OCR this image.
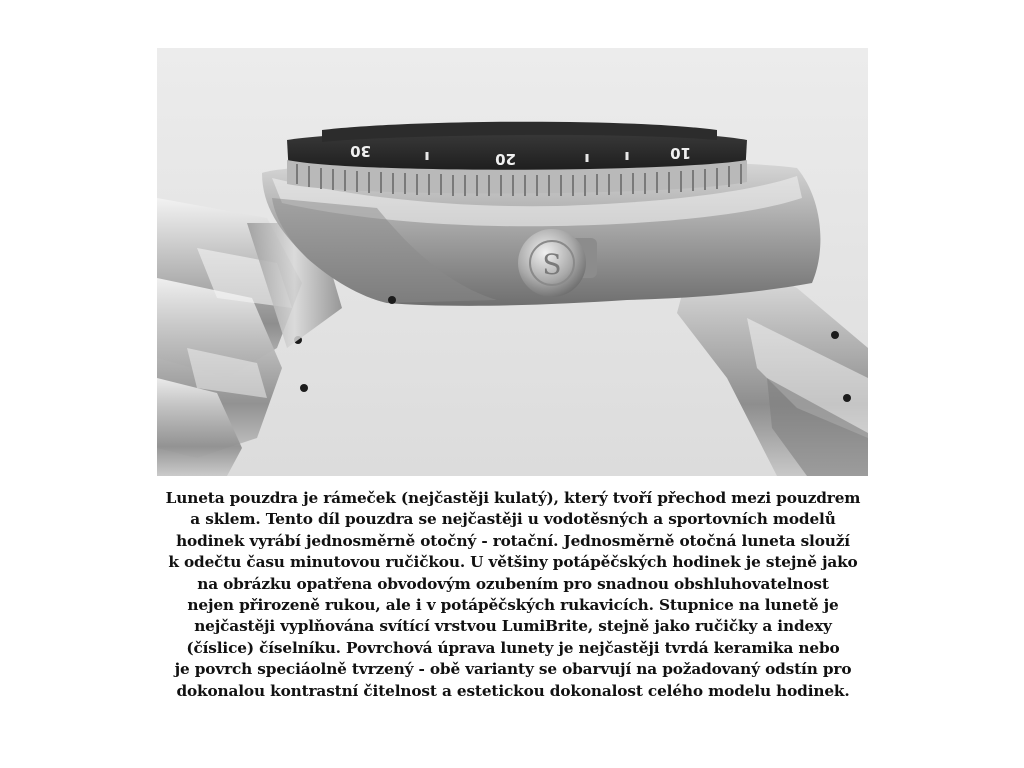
30	20	10
S

Luneta pouzdra je rámeček (nejčastěji kulatý), který tvoří přechod mezi pouzdrem
a sklem. Tento díl pouzdra se nejčastěji u vodotěsných a sportovních modelů
hodinek vyrábí jednosměrně otočný - rotační. Jednosměrně otočná luneta slouží
k odečtu času minutovou ručičkou. U většiny potápěčských hodinek je stejně jako
na obrázku opatřena obvodovým ozubením pro snadnou obshluhovatelnost
nejen přirozeně rukou, ale i v potápěčských rukavicích. Stupnice na lunetě je
nejčastěji vyplňována svítící vrstvou LumiBrite, stejně jako ručičky a indexy
(číslice) číselníku. Povrchová úprava lunety je nejčastěji tvrdá keramika nebo
je povrch speciáolně tvrzený - obě varianty se obarvují na požadovaný odstín pro
dokonalou kontrastní čitelnost a estetickou dokonalost celého modelu hodinek.
